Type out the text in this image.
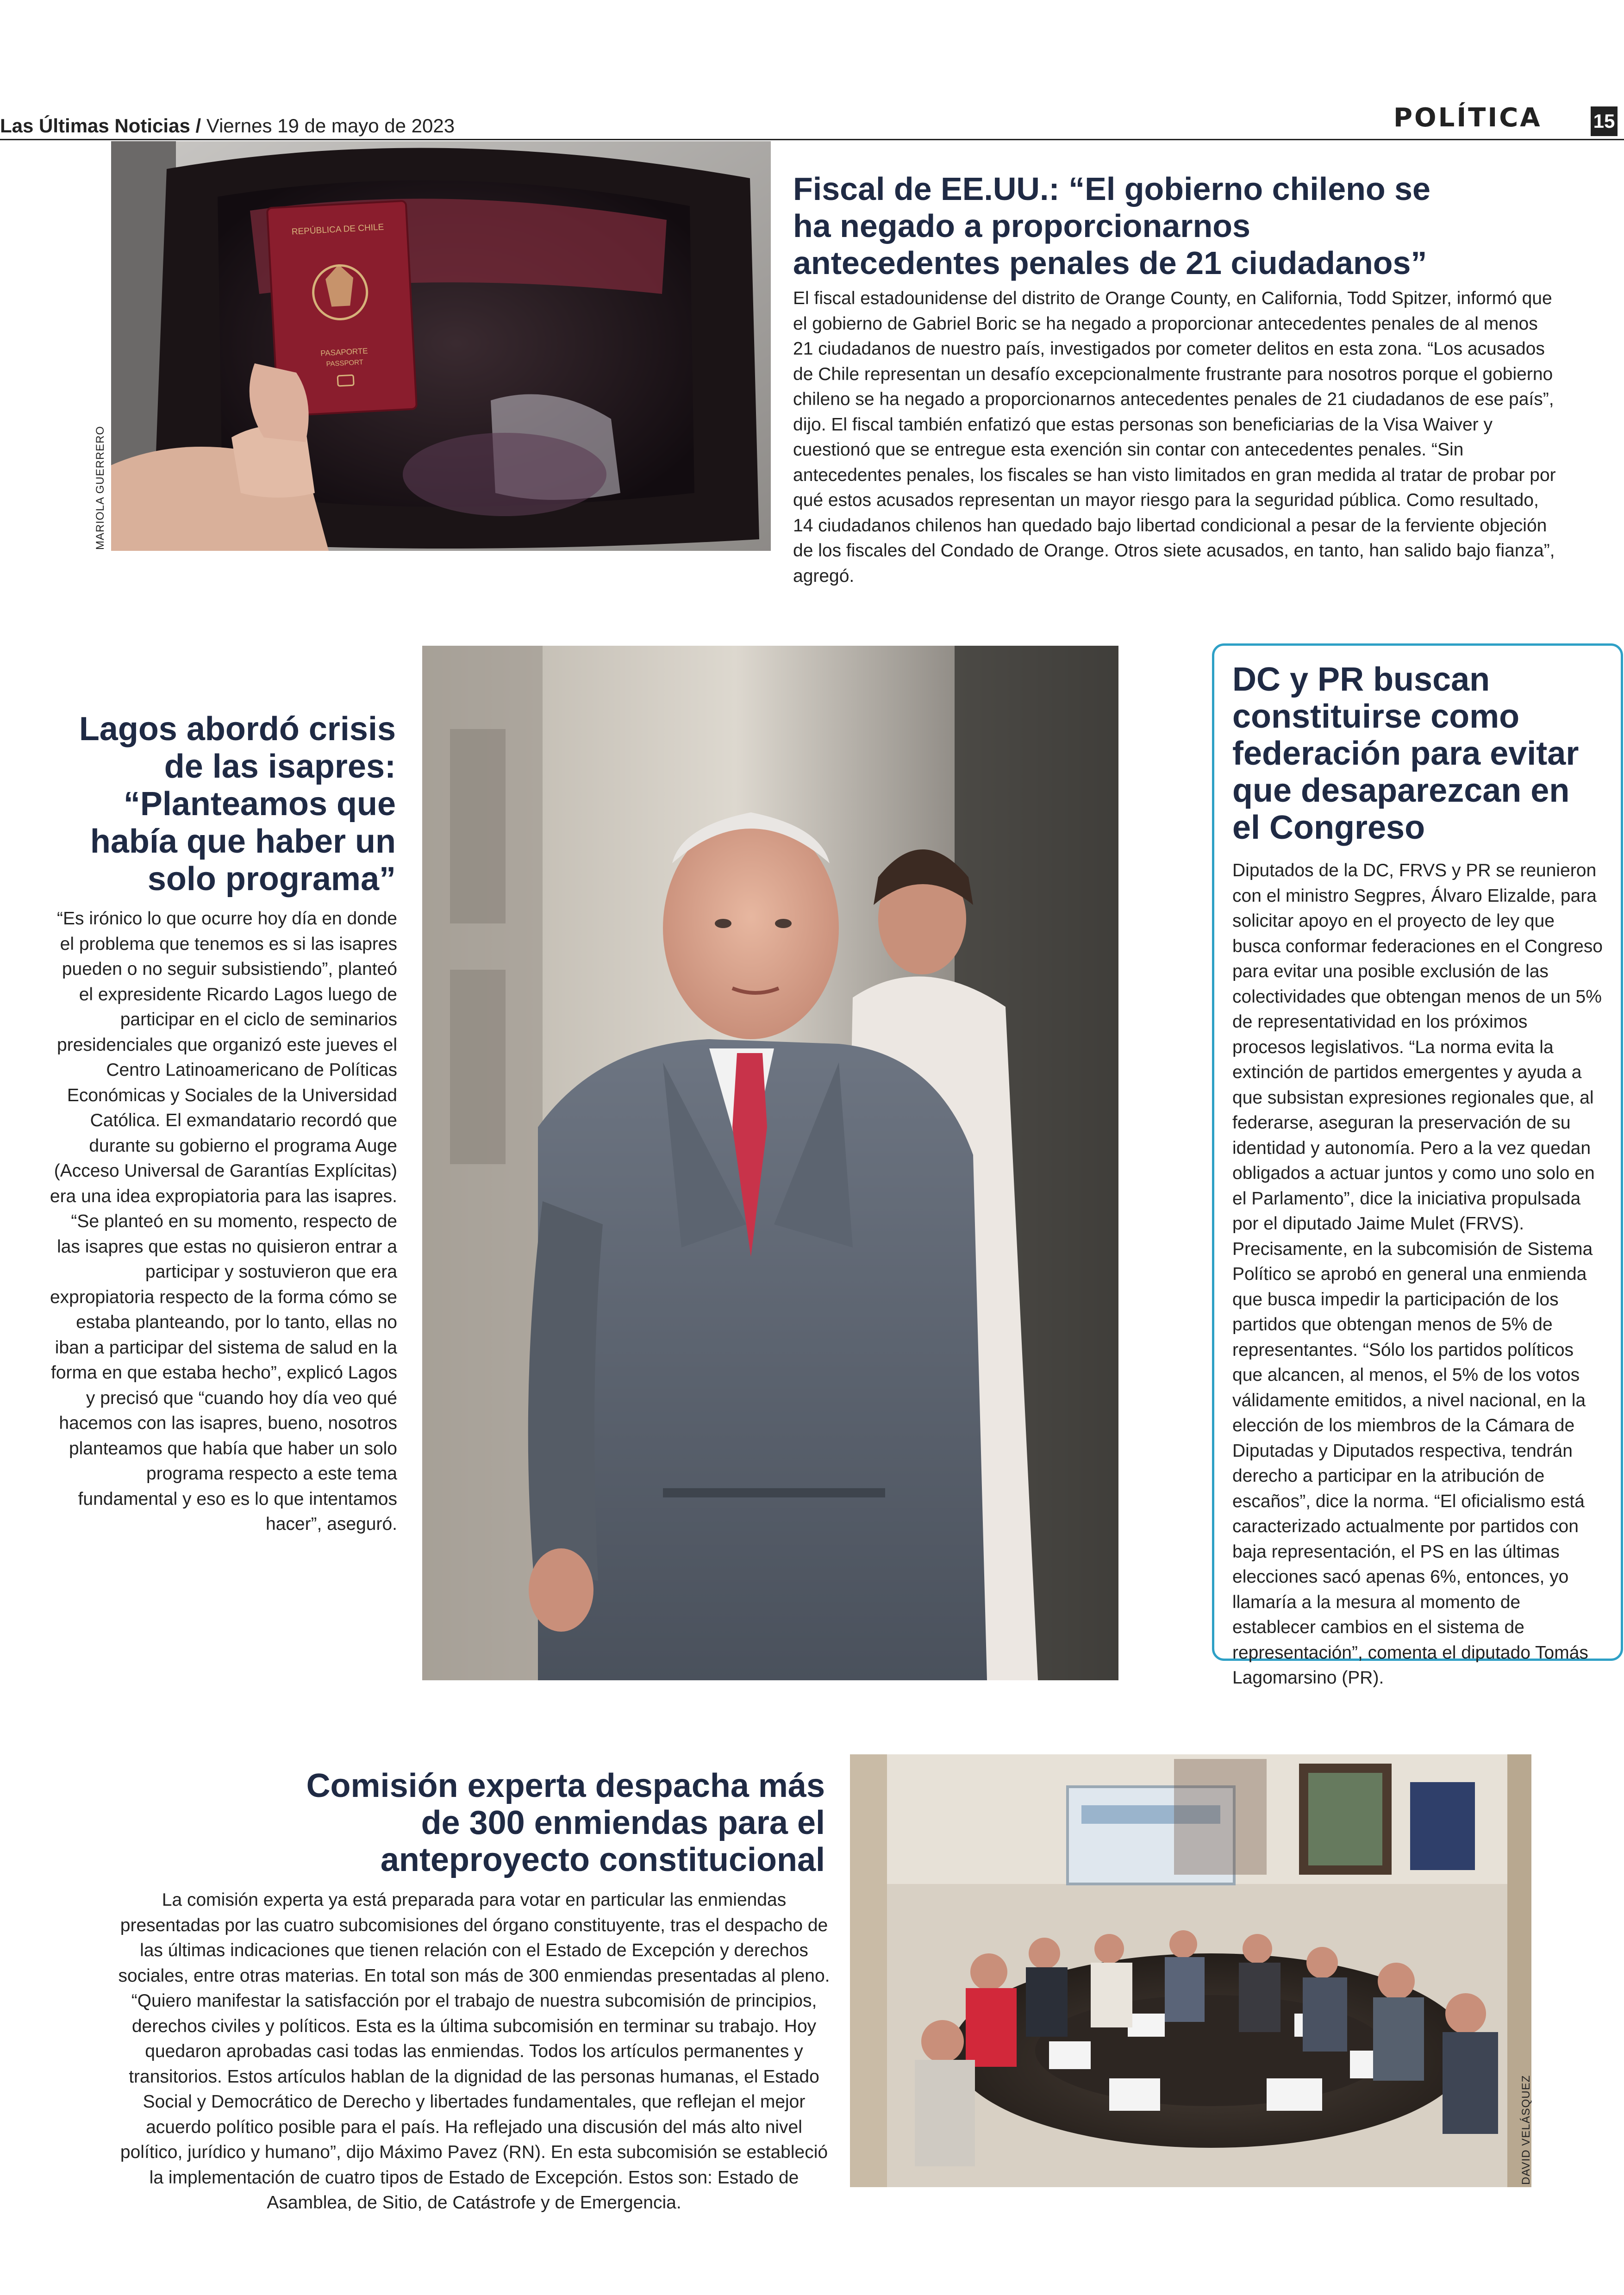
Las Últimas Noticias / Viernes 19 de mayo de 2023	POLÍTICA	15
REPÚBLICA DE CHILE
PASAPORTE
PASSPORT
MARIOLA GUERRERO
Fiscal de EE.UU.: “El gobierno chileno se ha negado a proporcionarnos antecedentes penales de 21 ciudadanos”
El fiscal estadounidense del distrito de Orange County, en California, Todd Spitzer, informó que el gobierno de Gabriel Boric se ha negado a proporcionar antecedentes penales de al menos 21 ciudadanos de nuestro país, investigados por cometer delitos en esta zona. “Los acusados de Chile representan un desafío excepcionalmente frustrante para nosotros porque el gobierno chileno se ha negado a proporcionarnos antecedentes penales de 21 ciudadanos de ese país”, dijo. El fiscal también enfatizó que estas personas son beneficiarias de la Visa Waiver y cuestionó que se entregue esta exención sin contar con antecedentes penales. “Sin antecedentes penales, los fiscales se han visto limitados en gran medida al tratar de probar por qué estos acusados representan un mayor riesgo para la seguridad pública. Como resultado, 14 ciudadanos chilenos han quedado bajo libertad condicional a pesar de la ferviente objeción de los fiscales del Condado de Orange. Otros siete acusados, en tanto, han salido bajo fianza”, agregó.
Lagos abordó crisis de las isapres: “Planteamos que había que haber un solo programa”
“Es irónico lo que ocurre hoy día en donde el problema que tenemos es si las isapres pueden o no seguir subsistiendo”, planteó el expresidente Ricardo Lagos luego de participar en el ciclo de seminarios presidenciales que organizó este jueves el Centro Latinoamericano de Políticas Económicas y Sociales de la Universidad Católica. El exmandatario recordó que durante su gobierno el programa Auge (Acceso Universal de Garantías Explícitas) era una idea expropiatoria para las isapres. “Se planteó en su momento, respecto de las isapres que estas no quisieron entrar a participar y sostuvieron que era expropiatoria respecto de la forma cómo se estaba planteando, por lo tanto, ellas no iban a participar del sistema de salud en la forma en que estaba hecho”, explicó Lagos y precisó que “cuando hoy día veo qué hacemos con las isapres, bueno, nosotros planteamos que había que haber un solo programa respecto a este tema fundamental y eso es lo que intentamos hacer”, aseguró.
DC y PR buscan constituirse como federación para evitar que desaparezcan en el Congreso
Diputados de la DC, FRVS y PR se reunieron con el ministro Segpres, Álvaro Elizalde, para solicitar apoyo en el proyecto de ley que busca conformar federaciones en el Congreso para evitar una posible exclusión de las colectividades que obtengan menos de un 5% de representatividad en los próximos procesos legislativos. “La norma evita la extinción de partidos emergentes y ayuda a que subsistan expresiones regionales que, al federarse, aseguran la preservación de su identidad y autonomía. Pero a la vez quedan obligados a actuar juntos y como uno solo en el Parlamento”, dice la iniciativa propulsada por el diputado Jaime Mulet (FRVS). Precisamente, en la subcomisión de Sistema Político se aprobó en general una enmienda que busca impedir la participación de los partidos que obtengan menos de 5% de representantes. “Sólo los partidos políticos que alcancen, al menos, el 5% de los votos válidamente emitidos, a nivel nacional, en la elección de los miembros de la Cámara de Diputadas y Diputados respectiva, tendrán derecho a participar en la atribución de escaños”, dice la norma. “El oficialismo está caracterizado actualmente por partidos con baja representación, el PS en las últimas elecciones sacó apenas 6%, entonces, yo llamaría a la mesura al momento de establecer cambios en el sistema de representación”, comenta el diputado Tomás Lagomarsino (PR).
Comisión experta despacha más de 300 enmiendas para el anteproyecto constitucional
La comisión experta ya está preparada para votar en particular las enmiendas presentadas por las cuatro subcomisiones del órgano constituyente, tras el despacho de las últimas indicaciones que tienen relación con el Estado de Excepción y derechos sociales, entre otras materias. En total son más de 300 enmiendas presentadas al pleno. “Quiero manifestar la satisfacción por el trabajo de nuestra subcomisión de principios, derechos civiles y políticos. Esta es la última subcomisión en terminar su trabajo. Hoy quedaron aprobadas casi todas las enmiendas. Todos los artículos permanentes y transitorios. Estos artículos hablan de la dignidad de las personas humanas, el Estado Social y Democrático de Derecho y libertades fundamentales, que reflejan el mejor acuerdo político posible para el país. Ha reflejado una discusión del más alto nivel político, jurídico y humano”, dijo Máximo Pavez (RN). En esta subcomisión se estableció la implementación de cuatro tipos de Estado de Excepción. Estos son: Estado de Asamblea, de Sitio, de Catástrofe y de Emergencia.
DAVID VELÁSQUEZ
